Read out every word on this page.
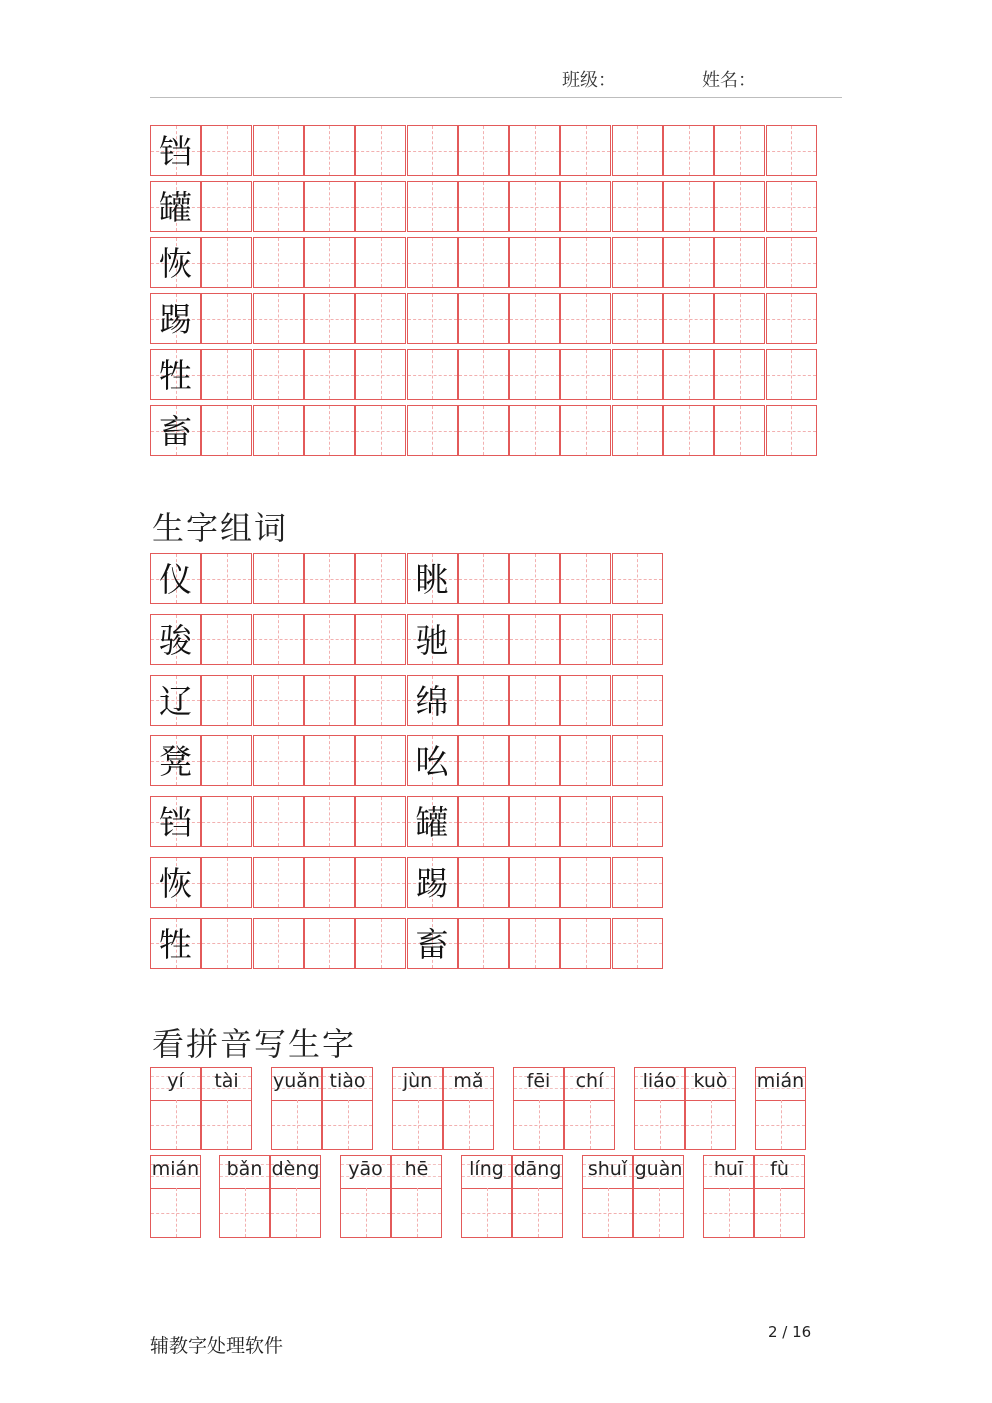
班级：	姓名：
铛
罐
恢
踢
牲
畜
生字组词
仪	眺
骏	驰
辽	绵
凳	吆
铛	罐
恢	踢
牲	畜
看拼音写生字
yí	tài	yuǎn tiào	jùn	mǎ	fēi	chí	liáo kuò	mián
mián	bǎn dèng	yāo	hē	líng dāng shuǐ guàn	huī	fù
辅教字处理软件
2 / 16
